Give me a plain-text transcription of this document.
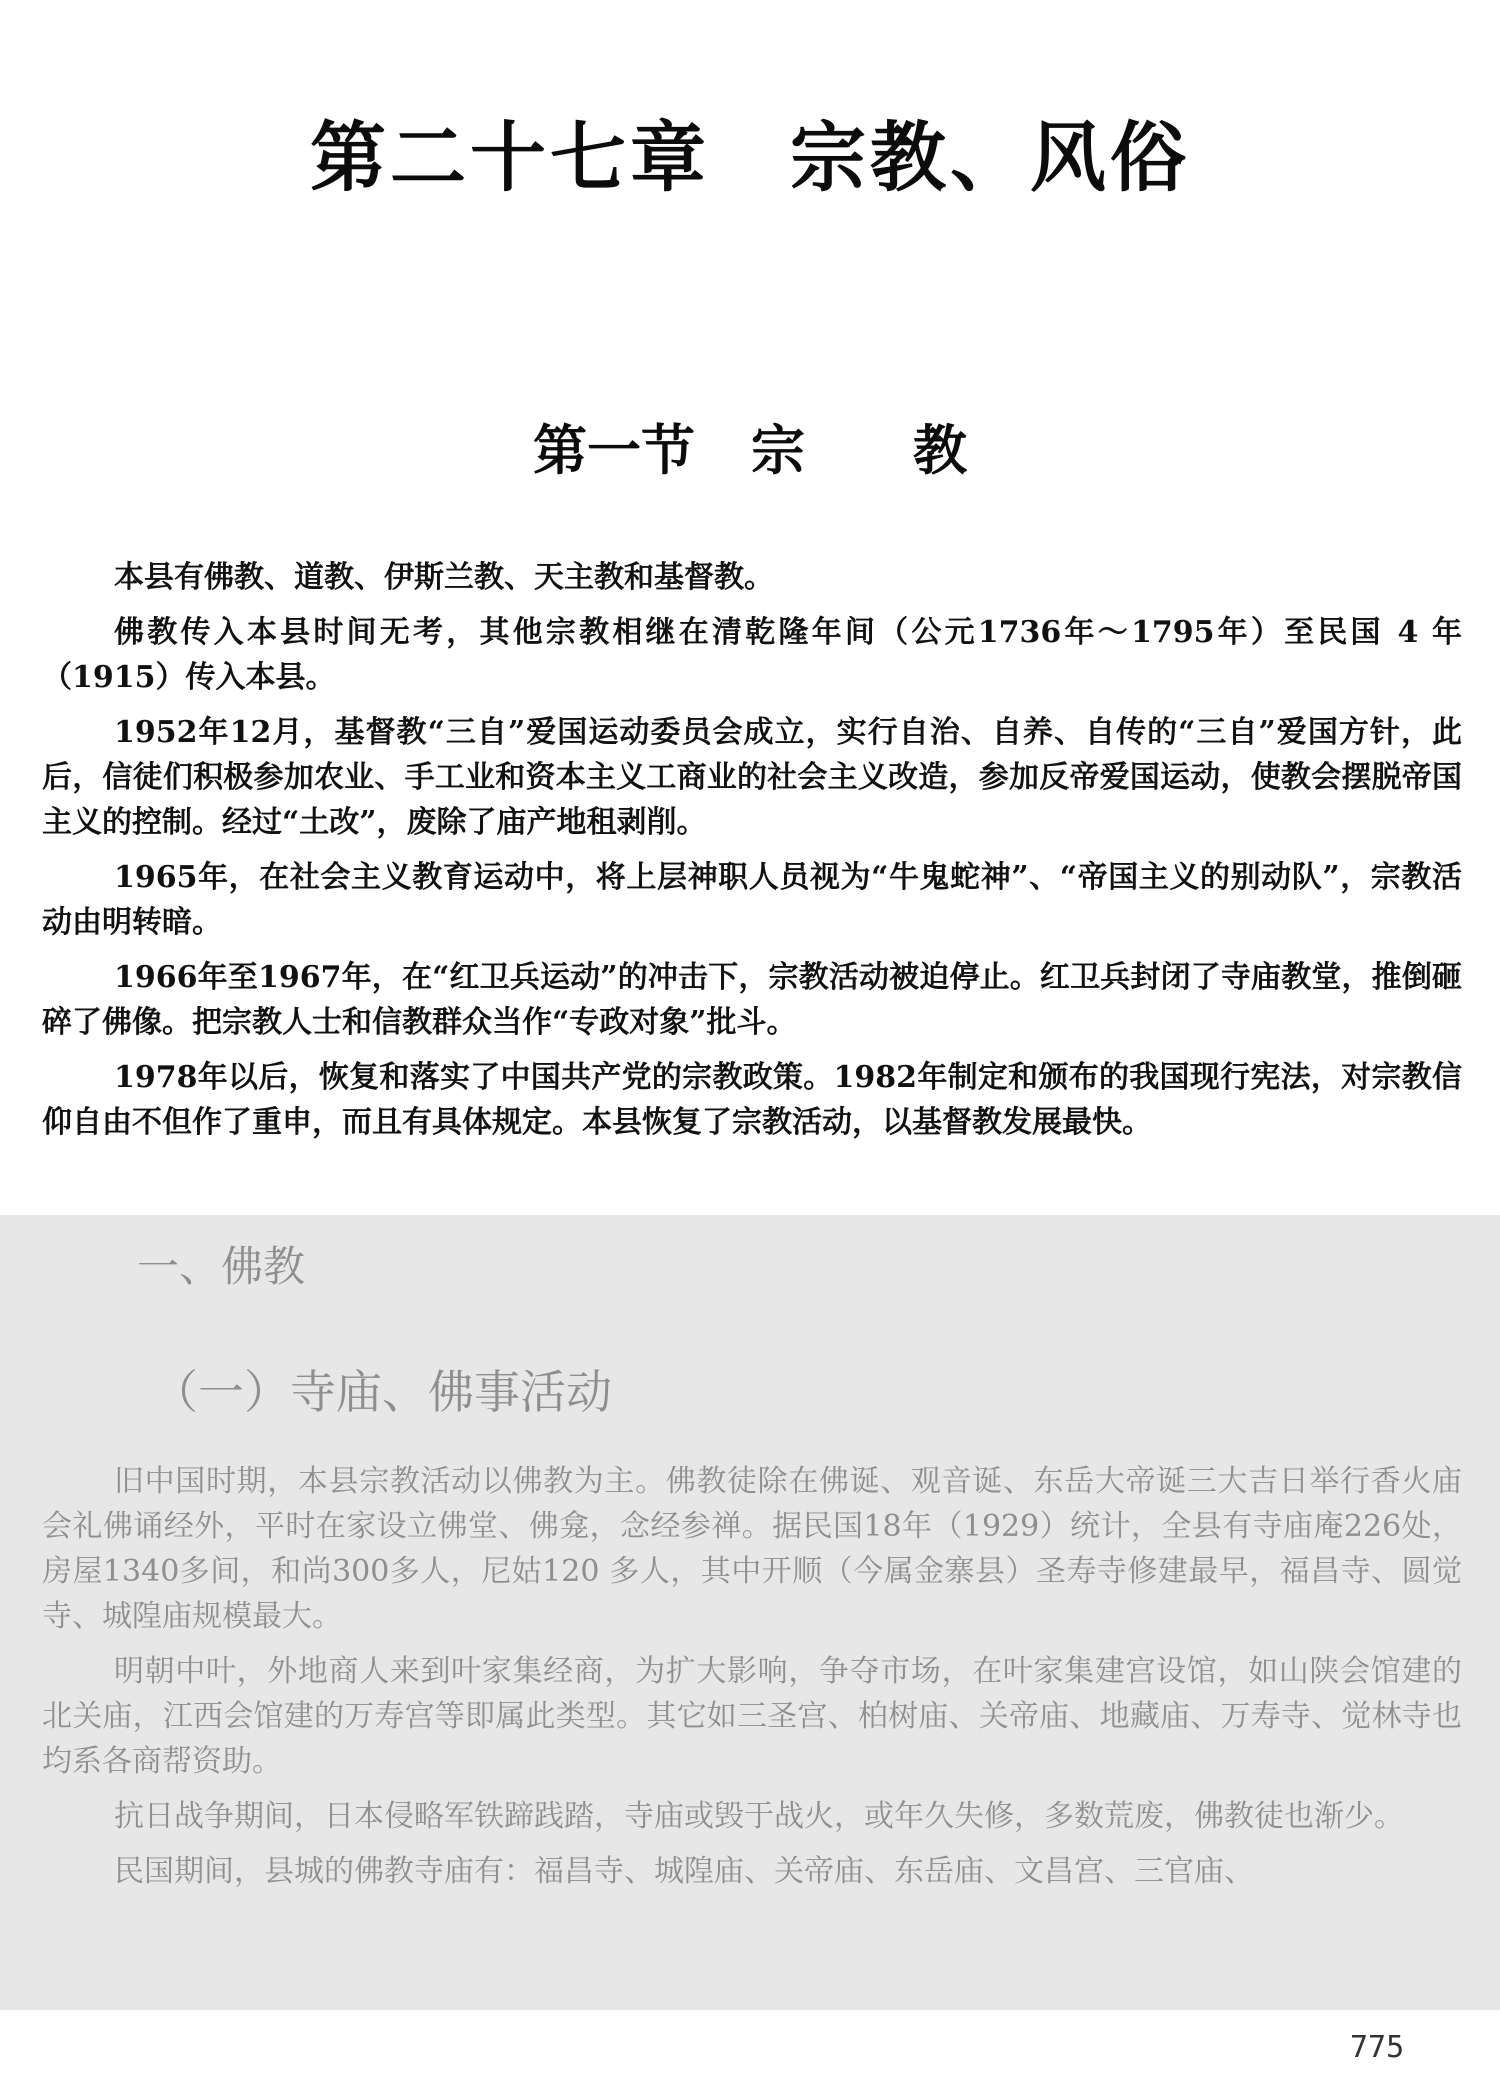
第二十七章　宗教、风俗
第一节 宗 教

本县有佛教、道教、伊斯兰教、天主教和基督教。

佛教传入本县时间无考，其他宗教相继在清乾隆年间（公元1736年～1795年）至民国 4 年（1915）传入本县。

1952年12月，基督教“三自”爱国运动委员会成立，实行自治、自养、自传的“三自”爱国方针，此后，信徒们积极参加农业、手工业和资本主义工商业的社会主义改造，参加反帝爱国运动，使教会摆脱帝国主义的控制。经过“土改”，废除了庙产地租剥削。

1965年，在社会主义教育运动中，将上层神职人员视为“牛鬼蛇神”、“帝国主义的别动队”，宗教活动由明转暗。

1966年至1967年，在“红卫兵运动”的冲击下，宗教活动被迫停止。红卫兵封闭了寺庙教堂，推倒砸碎了佛像。把宗教人士和信教群众当作“专政对象”批斗。

1978年以后，恢复和落实了中国共产党的宗教政策。1982年制定和颁布的我国现行宪法，对宗教信仰自由不但作了重申，而且有具体规定。本县恢复了宗教活动，以基督教发展最快。

一、佛教
（一）寺庙、佛事活动

旧中国时期，本县宗教活动以佛教为主。佛教徒除在佛诞、观音诞、东岳大帝诞三大吉日举行香火庙会礼佛诵经外，平时在家设立佛堂、佛龛，念经参禅。据民国18年（1929）统计，全县有寺庙庵226处，房屋1340多间，和尚300多人，尼姑120 多人，其中开顺（今属金寨县）圣寿寺修建最早，福昌寺、圆觉寺、城隍庙规模最大。

明朝中叶，外地商人来到叶家集经商，为扩大影响，争夺市场，在叶家集建宫设馆，如山陕会馆建的北关庙，江西会馆建的万寿宫等即属此类型。其它如三圣宫、柏树庙、关帝庙、地藏庙、万寿寺、觉林寺也均系各商帮资助。

抗日战争期间，日本侵略军铁蹄践踏，寺庙或毁于战火，或年久失修，多数荒废，佛教徒也渐少。

民国期间，县城的佛教寺庙有：福昌寺、城隍庙、关帝庙、东岳庙、文昌宫、三官庙、

775
